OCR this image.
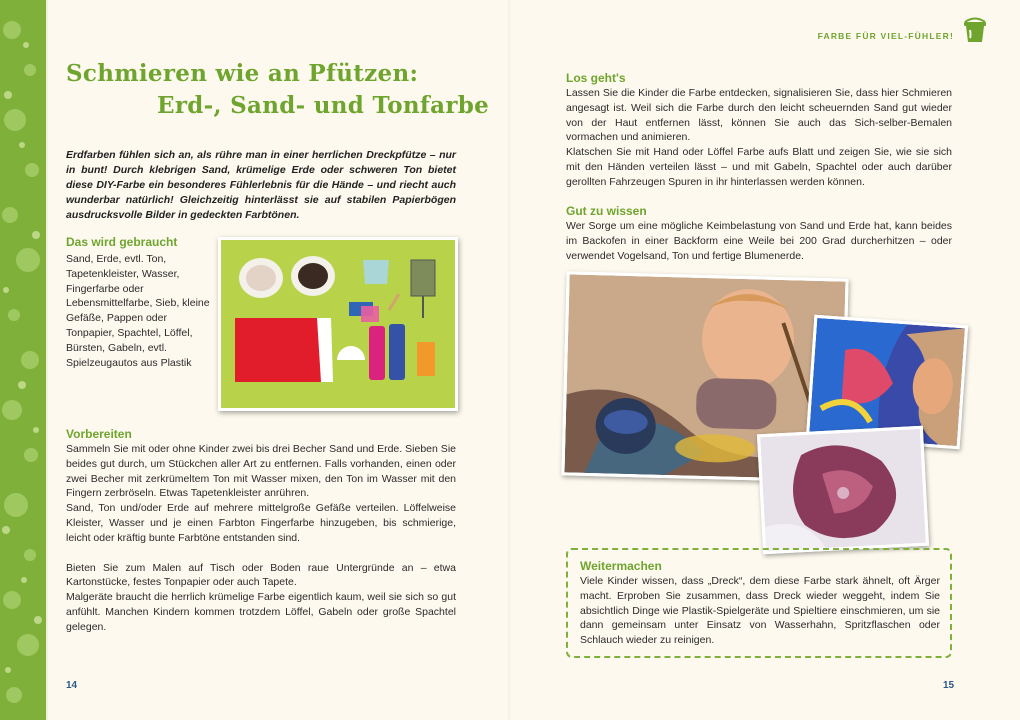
Schmieren wie an Pfützen:
Erd-, Sand- und Tonfarbe
Erdfarben fühlen sich an, als rühre man in einer herrlichen Dreckpfütze – nur in bunt! Durch klebrigen Sand, krümelige Erde oder schweren Ton bietet diese DIY-Farbe ein besonderes Fühlerlebnis für die Hände – und riecht auch wunderbar natürlich! Gleichzeitig hinterlässt sie auf stabilen Papierbögen ausdrucksvolle Bilder in gedeckten Farbtönen.
Das wird gebraucht
Sand, Erde, evtl. Ton, Tapetenkleister, Wasser, Fingerfarbe oder Lebensmittelfarbe, Sieb, kleine Gefäße, Pappen oder Tonpapier, Spachtel, Löffel, Bürsten, Gabeln, evtl. Spielzeugautos aus Plastik
Vorbereiten

Sammeln Sie mit oder ohne Kinder zwei bis drei Becher Sand und Erde. Sieben Sie beides gut durch, um Stückchen aller Art zu entfernen. Falls vorhanden, einen oder zwei Becher mit zerkrümeltem Ton mit Wasser mixen, den Ton im Wasser mit den Fingern zerbröseln. Etwas Tapetenkleister anrühren.

Sand, Ton und/oder Erde auf mehrere mittelgroße Gefäße verteilen. Löffelweise Kleister, Wasser und je einen Farbton Fingerfarbe hinzugeben, bis schmierige, leicht oder kräftig bunte Farbtöne entstanden sind.

Bieten Sie zum Malen auf Tisch oder Boden raue Untergründe an – etwa Kartonstücke, festes Tonpapier oder auch Tapete.

Malgeräte braucht die herrlich krümelige Farbe eigentlich kaum, weil sie sich so gut anfühlt. Manchen Kindern kommen trotzdem Löffel, Gabeln oder große Spachtel gelegen.

14
FARBE FÜR VIEL-FÜHLER!
Los geht's

Lassen Sie die Kinder die Farbe entdecken, signalisieren Sie, dass hier Schmieren angesagt ist. Weil sich die Farbe durch den leicht scheuernden Sand gut wieder von der Haut entfernen lässt, können Sie auch das Sich-selber-Bemalen vormachen und animieren.

Klatschen Sie mit Hand oder Löffel Farbe aufs Blatt und zeigen Sie, wie sie sich mit den Händen verteilen lässt – und mit Gabeln, Spachtel oder auch darüber gerollten Fahrzeugen Spuren in ihr hinterlassen werden können.

Gut zu wissen
Wer Sorge um eine mögliche Keimbelastung von Sand und Erde hat, kann beides im Backofen in einer Backform eine Weile bei 200 Grad durcherhitzen – oder verwendet Vogelsand, Ton und fertige Blumenerde.
Weitermachen
Viele Kinder wissen, dass „Dreck“, dem diese Farbe stark ähnelt, oft Ärger macht. Erproben Sie zusammen, dass Dreck wieder weggeht, indem Sie absichtlich Dinge wie Plastik-Spielgeräte und Spieltiere einschmieren, um sie dann gemeinsam unter Einsatz von Wasserhahn, Spritzflaschen oder Schlauch wieder zu reinigen.
15
